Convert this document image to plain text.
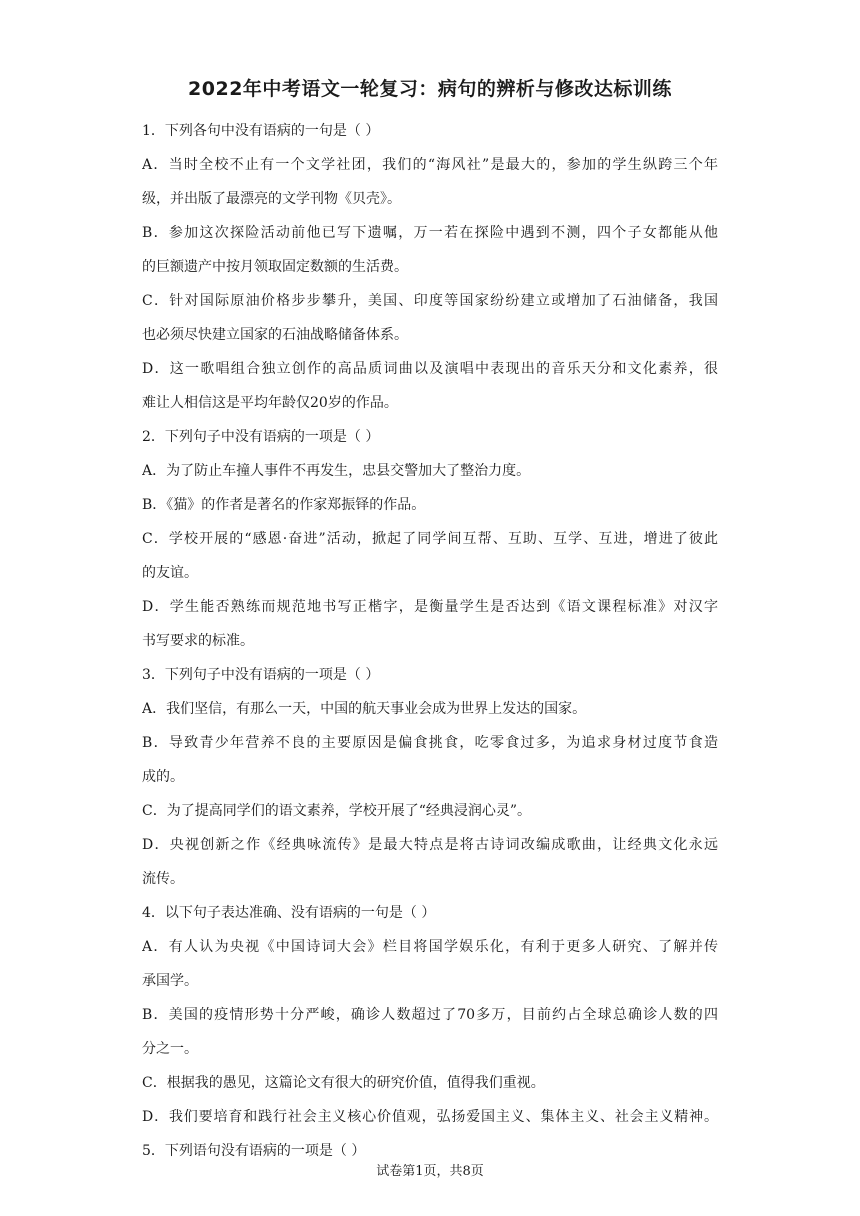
2022年中考语文一轮复习：病句的辨析与修改达标训练
1．下列各句中没有语病的一句是（ ）
A．当时全校不止有一个文学社团，我们的“海风社”是最大的，参加的学生纵跨三个年
级，并出版了最漂亮的文学刊物《贝壳》。
B．参加这次探险活动前他已写下遗嘱，万一若在探险中遇到不测，四个子女都能从他
的巨额遗产中按月领取固定数额的生活费。
C．针对国际原油价格步步攀升，美国、印度等国家纷纷建立或增加了石油储备，我国
也必须尽快建立国家的石油战略储备体系。
D．这一歌唱组合独立创作的高品质词曲以及演唱中表现出的音乐天分和文化素养，很
难让人相信这是平均年龄仅20岁的作品。
2．下列句子中没有语病的一项是（ ）
A．为了防止车撞人事件不再发生，忠县交警加大了整治力度。
B．《猫》的作者是著名的作家郑振铎的作品。
C．学校开展的“感恩·奋进”活动，掀起了同学间互帮、互助、互学、互进，增进了彼此
的友谊。
D．学生能否熟练而规范地书写正楷字，是衡量学生是否达到《语文课程标准》对汉字
书写要求的标准。
3．下列句子中没有语病的一项是（ ）
A．我们坚信，有那么一天，中国的航天事业会成为世界上发达的国家。
B．导致青少年营养不良的主要原因是偏食挑食，吃零食过多，为追求身材过度节食造
成的。
C．为了提高同学们的语文素养，学校开展了“经典浸润心灵”。
D．央视创新之作《经典咏流传》是最大特点是将古诗词改编成歌曲，让经典文化永远
流传。
4．以下句子表达准确、没有语病的一句是（ ）
A．有人认为央视《中国诗词大会》栏目将国学娱乐化，有利于更多人研究、了解并传
承国学。
B．美国的疫情形势十分严峻，确诊人数超过了70多万，目前约占全球总确诊人数的四
分之一。
C．根据我的愚见，这篇论文有很大的研究价值，值得我们重视。
D．我们要培育和践行社会主义核心价值观，弘扬爱国主义、集体主义、社会主义精神。
5．下列语句没有语病的一项是（ ）
试卷第1页，共8页
